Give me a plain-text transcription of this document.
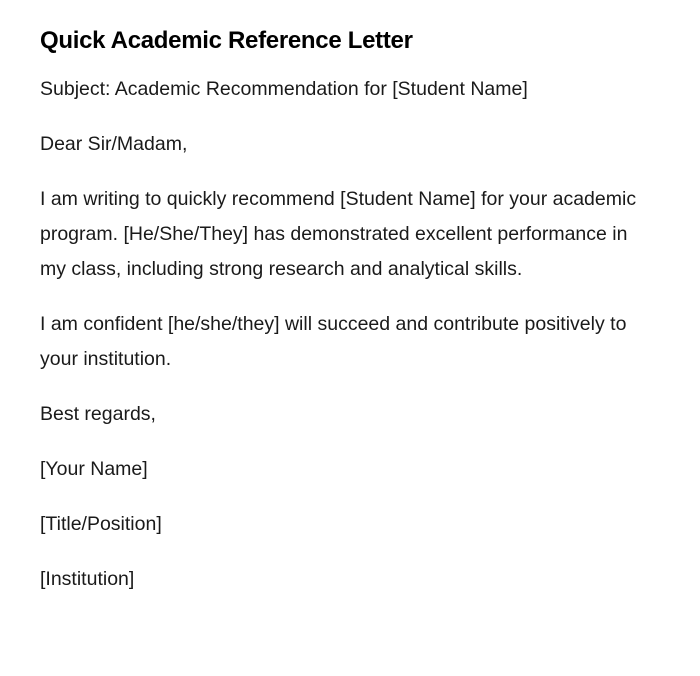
Quick Academic Reference Letter

Subject: Academic Recommendation for [Student Name]

Dear Sir/Madam,

I am writing to quickly recommend [Student Name] for your academic program. [He/She/They] has demonstrated excellent performance in my class, including strong research and analytical skills.

I am confident [he/she/they] will succeed and contribute positively to your institution.

Best regards,

[Your Name]

[Title/Position]

[Institution]
